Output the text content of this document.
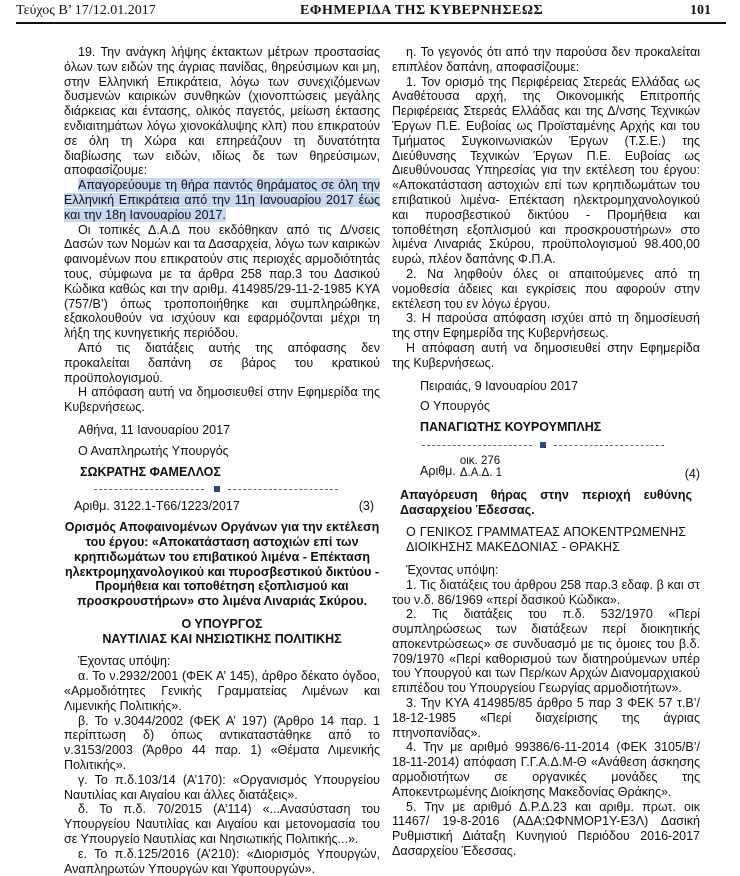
Τεύχος Β’ 17/12.01.2017	ΕΦΗΜΕΡΙΔΑ ΤΗΣ ΚΥΒΕΡΝΗΣΕΩΣ	101

19. Την ανάγκη λήψης έκτακτων μέτρων προστασίας όλων των ειδών της άγριας πανίδας, θηρεύσιμων και μη, στην Ελληνική Επικράτεια, λόγω των συνεχιζόμενων δυσμενών καιρικών συνθηκών (χιονοπτώσεις μεγάλης διάρκειας και έντασης, ολικός παγετός, μείωση έκτασης ενδιαιτημάτων λόγω χιονοκάλυψης κλπ) που επικρατούν σε όλη τη Χώρα και επηρεάζουν τη δυνατότητα διαβίωσης των ειδών, ιδίως δε των θηρεύσιμων, αποφασίζουμε:

Απαγορεύουμε τη θήρα παντός θηράματος σε όλη την Ελληνική Επικράτεια από την 11η Ιανουαρίου 2017 έως και την 18η Ιανουαρίου 2017.

Οι τοπικές Δ.Α.Δ που εκδόθηκαν από τις Δ/νσεις Δασών των Νομών και τα Δασαρχεία, λόγω των καιρικών φαινομένων που επικρατούν στις περιοχές αρμοδιότητάς τους, σύμφωνα με τα άρθρα 258 παρ.3 του Δασικού Κώδικα καθώς και την αριθμ. 414985/29-11-2-1985 ΚΥΑ (757/Β’) όπως τροποποιήθηκε και συμπληρώθηκε, εξακολουθούν να ισχύουν και εφαρμόζονται μέχρι τη λήξη της κυνηγετικής περιόδου.

Από τις διατάξεις αυτής της απόφασης δεν προκαλείται δαπάνη σε βάρος του κρατικού προϋπολογισμού.

Η απόφαση αυτή να δημοσιευθεί στην Εφημερίδα της Κυβερνήσεως.

Αθήνα, 11 Ιανουαρίου 2017

Ο Αναπληρωτής Υπουργός

ΣΩΚΡΑΤΗΣ ΦΑΜΕΛΛΟΣ

Αριθμ. 3122.1-Τ66/1223/2017	(3)

Ορισμός Αποφαινομένων Οργάνων για την εκτέλεση του έργου: «Αποκατάσταση αστοχιών επί των κρηπιδωμάτων του επιβατικού λιμένα - Επέκταση ηλεκτρομηχανολογικού και πυροσβεστικού δικτύου - Προμήθεια και τοποθέτηση εξοπλισμού και προσκρουστήρων» στο λιμένα Λιναριάς Σκύρου.

Ο ΥΠΟΥΡΓΟΣ

ΝΑΥΤΙΛΙΑΣ ΚΑΙ ΝΗΣΙΩΤΙΚΗΣ ΠΟΛΙΤΙΚΗΣ

Έχοντας υπόψη:

α. Το ν.2932/2001 (ΦΕΚ Α’ 145), άρθρο δέκατο όγδοο, «Αρμοδιότητες Γενικής Γραμματείας Λιμένων και Λιμενικής Πολιτικής».

β. Το ν.3044/2002 (ΦΕΚ Α’ 197) (Άρθρο 14 παρ. 1 περίπτωση δ) όπως αντικαταστάθηκε από το ν.3153/2003 (Άρθρο 44 παρ. 1) «Θέματα Λιμενικής Πολιτικής».

γ. Το π.δ.103/14 (Α’170): «Οργανισμός Υπουργείου Ναυτιλίας και Αιγαίου και άλλες διατάξεις».

δ. Το π.δ. 70/2015 (Α’114) «...Ανασύσταση του Υπουργείου Ναυτιλίας και Αιγαίου και μετονομασία του σε Υπουργείο Ναυτιλίας και Νησιωτικής Πολιτικής...».

ε. Το π.δ.125/2016 (Α’210): «Διορισμός Υπουργών, Αναπληρωτών Υπουργών και Υφυπουργών».

η. Το γεγονός ότι από την παρούσα δεν προκαλείται επιπλέον δαπάνη, αποφασίζουμε:

1. Τον ορισμό της Περιφέρειας Στερεάς Ελλάδας ως Αναθέτουσα αρχή, της Οικονομικής Επιτροπής Περιφέρειας Στερεάς Ελλάδας και της Δ/νσης Τεχνικών Έργων Π.Ε. Ευβοίας ως Προϊσταμένης Αρχής και του Τμήματος Συγκοινωνιακών Έργων (Τ.Σ.Ε.) της Διεύθυνσης Τεχνικών Έργων Π.Ε. Ευβοίας ως Διευθύνουσας Υπηρεσίας για την εκτέλεση του έργου: «Αποκατάσταση αστοχιών επί των κρηπιδωμάτων του επιβατικού λιμένα- Επέκταση ηλεκτρομηχανολογικού και πυροσβεστικού δικτύου - Προμήθεια και τοποθέτηση εξοπλισμού και προσκρουστήρων» στο λιμένα Λιναριάς Σκύρου, προϋπολογισμού 98.400,00 ευρώ, πλέον δαπάνης Φ.Π.Α.

2. Να ληφθούν όλες οι απαιτούμενες από τη νομοθεσία άδειες και εγκρίσεις που αφορούν στην εκτέλεση του εν λόγω έργου.

3. Η παρούσα απόφαση ισχύει από τη δημοσίευσή της στην Εφημερίδα της Κυβερνήσεως.

Η απόφαση αυτή να δημοσιευθεί στην Εφημερίδα της Κυβερνήσεως.

Πειραιάς, 9 Ιανουαρίου 2017

Ο Υπουργός

ΠΑΝΑΓΙΩΤΗΣ ΚΟΥΡΟΥΜΠΛΗΣ

Αριθμ.
οικ. 276
Δ.Α.Δ. 1	(4)

Απαγόρευση θήρας στην περιοχή ευθύνης Δασαρχείου Έδεσσας.

Ο ΓΕΝΙΚΟΣ ΓΡΑΜΜΑΤΕΑΣ ΑΠΟΚΕΝΤΡΩΜΕΝΗΣ ΔΙΟΙΚΗΣΗΣ ΜΑΚΕΔΟΝΙΑΣ - ΘΡΑΚΗΣ

Έχοντας υπόψη:

1. Τις διατάξεις του άρθρου 258 παρ.3 εδαφ. β και στ του ν.δ. 86/1969 «περί δασικού Κώδικα».

2. Τις διατάξεις του π.δ. 532/1970 «Περί συμπληρώσεως των διατάξεων περί διοικητικής αποκεντρώσεως» σε συνδυασμό με τις όμοιες του β.δ. 709/1970 «Περί καθορισμού των διατηρούμενων υπέρ του Υπουργού και των Περ/κων Αρχών Διανομαρχιακού επιπέδου του Υπουργείου Γεωργίας αρμοδιοτήτων».

3. Την ΚΥΑ 414985/85 άρθρο 5 παρ 3 ΦΕΚ 57 τ.Β’/ 18-12-1985 «Περί διαχείρισης της άγριας πτηνοπανίδας».

4. Την με αριθμό 99386/6-11-2014 (ΦΕΚ 3105/Β’/ 18-11-2014) απόφαση Γ.Γ.Α.Δ.Μ-Θ «Ανάθεση άσκησης αρμοδιοτήτων σε οργανικές μονάδες της Αποκεντρωμένης Διοίκησης Μακεδονίας Θράκης».

5. Την με αριθμό Δ.Ρ.Δ.23 και αριθμ. πρωτ. οικ 11467/ 19-8-2016 (ΑΔΑ:ΩΦΝΜΟΡ1Υ-Ε3Λ) Δασική Ρυθμιστική Διάταξη Κυνηγιού Περιόδου 2016-2017 Δασαρχείου Έδεσσας.
